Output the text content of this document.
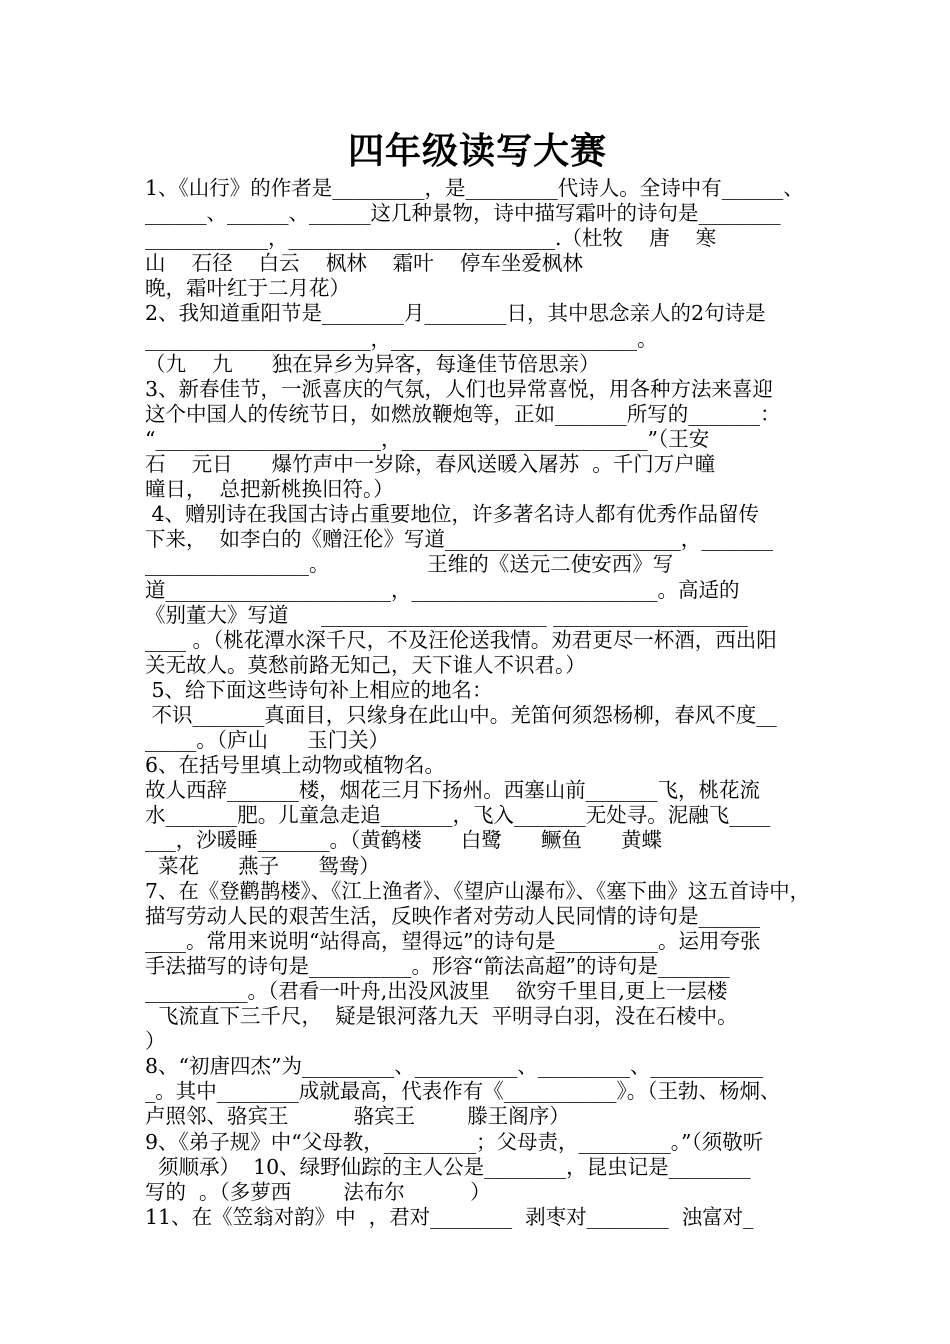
四年级读写大赛
1、《山行》的作者是_________，是_________代诗人。全诗中有______、
______、______、______这几种景物，诗中描写霜叶的诗句是________
____________，__________________________.（杜牧    唐    寒
山    石径    白云    枫林    霜叶    停车坐爱枫林
晚，霜叶红于二月花）
2、我知道重阳节是________月________日，其中思念亲人的2句诗是
______________________，________________________。
（九    九      独在异乡为异客，每逢佳节倍思亲）
3、新春佳节，一派喜庆的气氛，人们也异常喜悦，用各种方法来喜迎
这个中国人的传统节日，如燃放鞭炮等，正如_______所写的_______：
“______________________，________________________”（王安
石    元日      爆竹声中一岁除，春风送暖入屠苏  。千门万户曈
曈日，  总把新桃换旧符。）
4、赠别诗在我国古诗占重要地位，许多著名诗人都有优秀作品留传
下来，  如李白的《赠汪伦》写道_______________________，_______
________________。               王维的《送元二使安西》写
道______________________，________________________。高适的
《别董大》写道     ______________________ ___________________
____ 。（桃花潭水深千尺，不及汪伦送我情。劝君更尽一杯酒，西出阳
关无故人。莫愁前路无知己，天下谁人不识君。）
5、给下面这些诗句补上相应的地名：
不识_______真面目，只缘身在此山中。羌笛何须怨杨柳，春风不度__
_____。（庐山      玉门关）
6、在括号里填上动物或植物名。
故人西辞_______楼，烟花三月下扬州。西塞山前_______飞，桃花流
水_______肥。儿童急走追_______，飞入_______无处寻。泥融飞____
___，沙暖睡_______。（黄鹤楼      白鹭      鳜鱼      黄蝶
菜花      燕子      鸳鸯）
7、在《登鹳鹊楼》、《江上渔者》、《望庐山瀑布》、《塞下曲》这五首诗中，
描写劳动人民的艰苦生活，反映作者对劳动人民同情的诗句是______
____。常用来说明“站得高，望得远”的诗句是__________。运用夸张
手法描写的诗句是__________。形容“箭法高超”的诗句是_______
__________。（君看一叶舟,出没风波里    欲穷千里目,更上一层楼
飞流直下三千尺，  疑是银河落九天  平明寻白羽，没在石棱中。
）
8、“初唐四杰”为_________、__________、_________、___________
_。其中________成就最高，代表作有《___________》。（王勃、杨炯、
卢照邻、骆宾王          骆宾王        滕王阁序）
9、《弟子规》中“父母教，_________；父母责，_________。”（须敬听
须顺承）  10、绿野仙踪的主人公是________，昆虫记是________
写的  。（多萝西        法布尔          ）
11、在《笠翁对韵》中  ，君对________  剥枣对________  浊富对_
